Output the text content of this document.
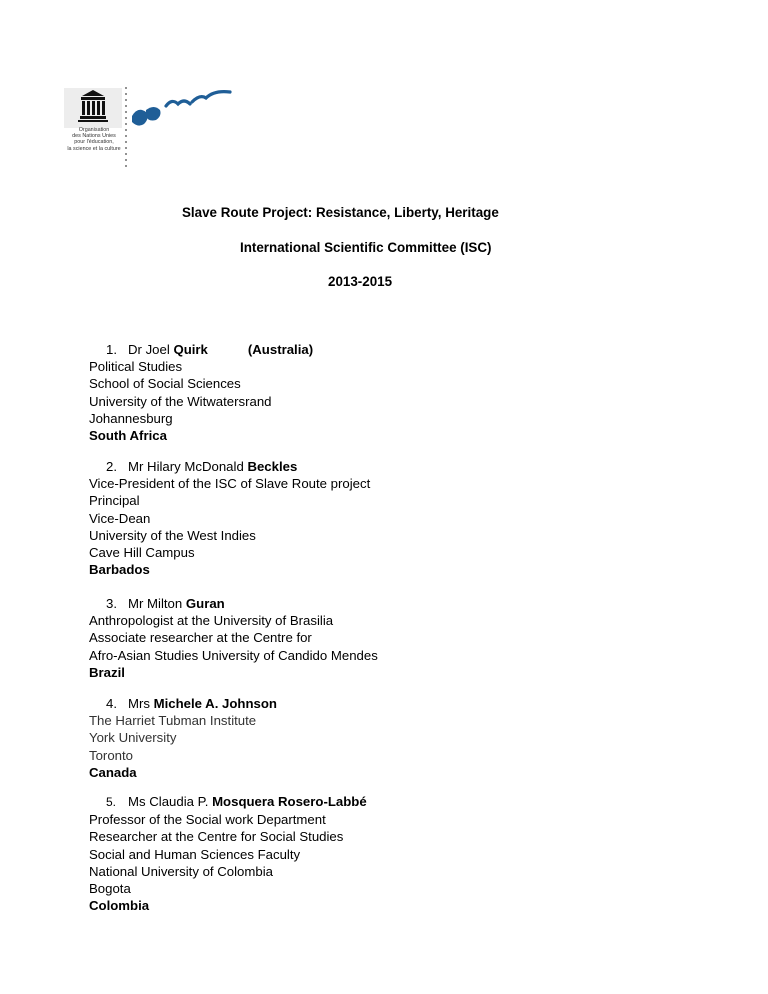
Organisation
des Nations Unies
pour l'éducation,
la science et la culture
Slave Route Project: Resistance, Liberty, Heritage
International Scientific Committee (ISC)
2013-2015
1. Dr Joel Quirk	(Australia)
Political Studies
School of Social Sciences
University of the Witwatersrand
Johannesburg
South Africa
2. Mr Hilary McDonald Beckles
Vice-President of the ISC of Slave Route project
Principal
Vice-Dean
University of the West Indies
Cave Hill Campus
Barbados
3. Mr Milton Guran
Anthropologist at the University of Brasilia
Associate researcher at the Centre for
Afro-Asian Studies University of Candido Mendes
Brazil
4. Mrs Michele A. Johnson
The Harriet Tubman Institute
York University
Toronto
Canada
5. Ms Claudia P. Mosquera Rosero-Labbé
Professor of the Social work Department
Researcher at the Centre for Social Studies
Social and Human Sciences Faculty
National University of Colombia
Bogota
Colombia
